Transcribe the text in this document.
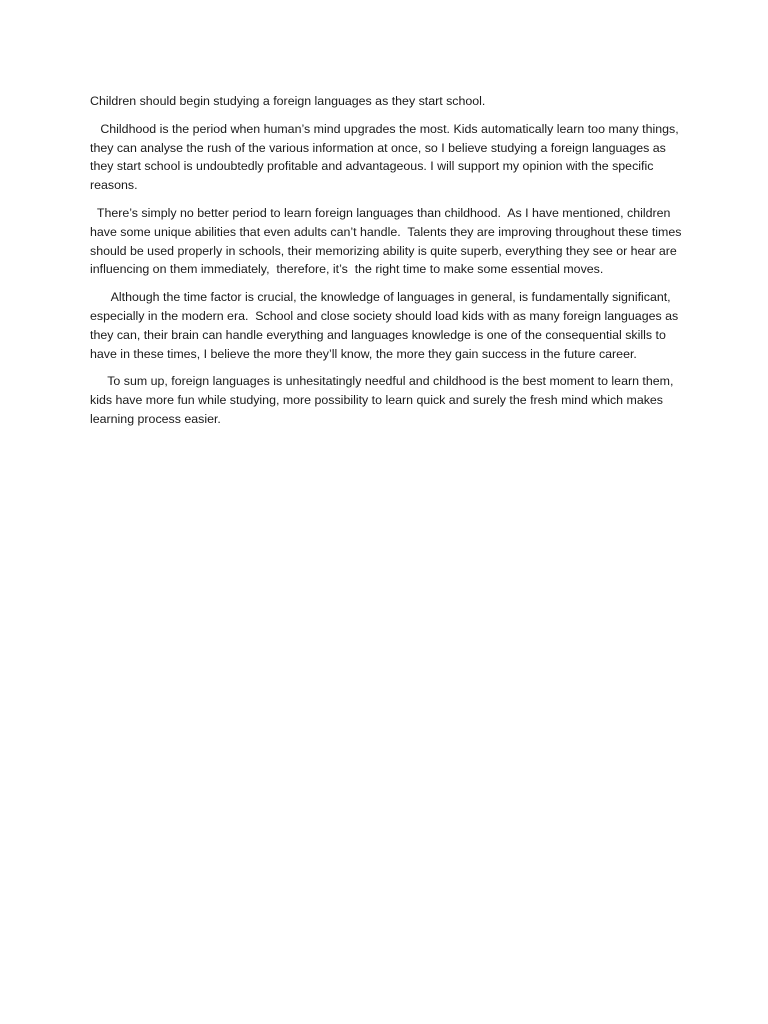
Children should begin studying a foreign languages as they start school.

Childhood is the period when human’s mind upgrades the most. Kids automatically learn too many things, they can analyse the rush of the various information at once, so I believe studying a foreign languages as they start school is undoubtedly profitable and advantageous. I will support my opinion with the specific reasons.

There’s simply no better period to learn foreign languages than childhood.  As I have mentioned, children have some unique abilities that even adults can’t handle.  Talents they are improving throughout these times should be used properly in schools, their memorizing ability is quite superb, everything they see or hear are influencing on them immediately,  therefore, it’s  the right time to make some essential moves.

Although the time factor is crucial, the knowledge of languages in general, is fundamentally significant, especially in the modern era.  School and close society should load kids with as many foreign languages as they can, their brain can handle everything and languages knowledge is one of the consequential skills to have in these times, I believe the more they’ll know, the more they gain success in the future career.

To sum up, foreign languages is unhesitatingly needful and childhood is the best moment to learn them, kids have more fun while studying, more possibility to learn quick and surely the fresh mind which makes learning process easier.
